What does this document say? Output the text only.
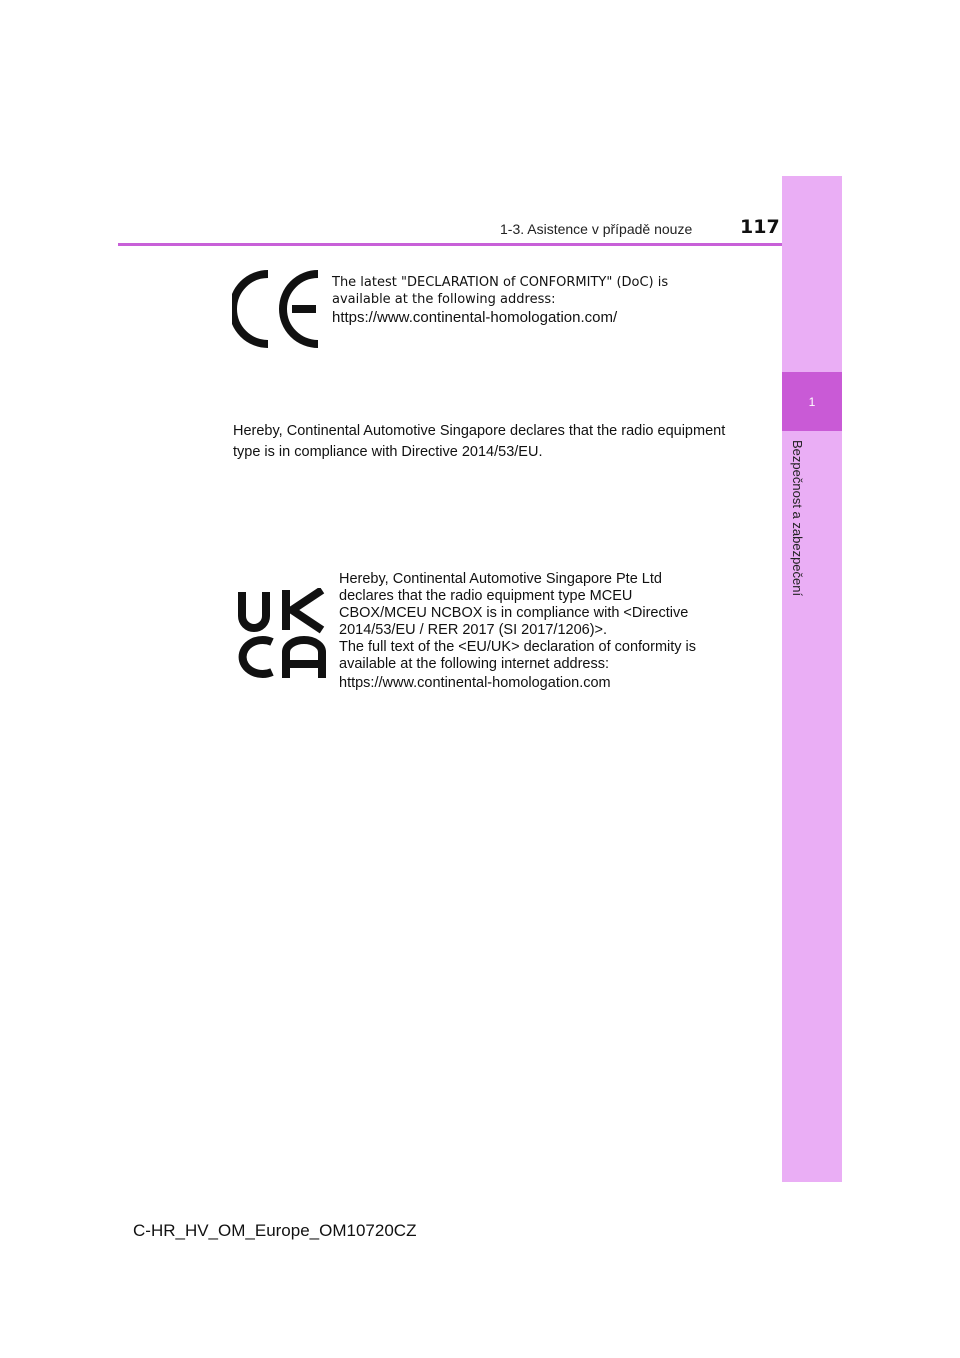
1-3. Asistence v případě nouze	117
1
Bezpečnost a zabezpečení
The latest "DECLARATION of CONFORMITY" (DoC) is
available at the following address:
https://www.continental-homologation.com/
Hereby, Continental Automotive Singapore declares that the radio equipment type is in compliance with Directive 2014/53/EU.

Hereby, Continental Automotive Singapore Pte Ltd declares that the radio equipment type MCEU CBOX/MCEU NCBOX is in compliance with <Directive 2014/53/EU / RER 2017 (SI 2017/1206)>.

The full text of the <EU/UK> declaration of conformity is available at the following internet address:

https://www.continental-homologation.com

C-HR_HV_OM_Europe_OM10720CZ
